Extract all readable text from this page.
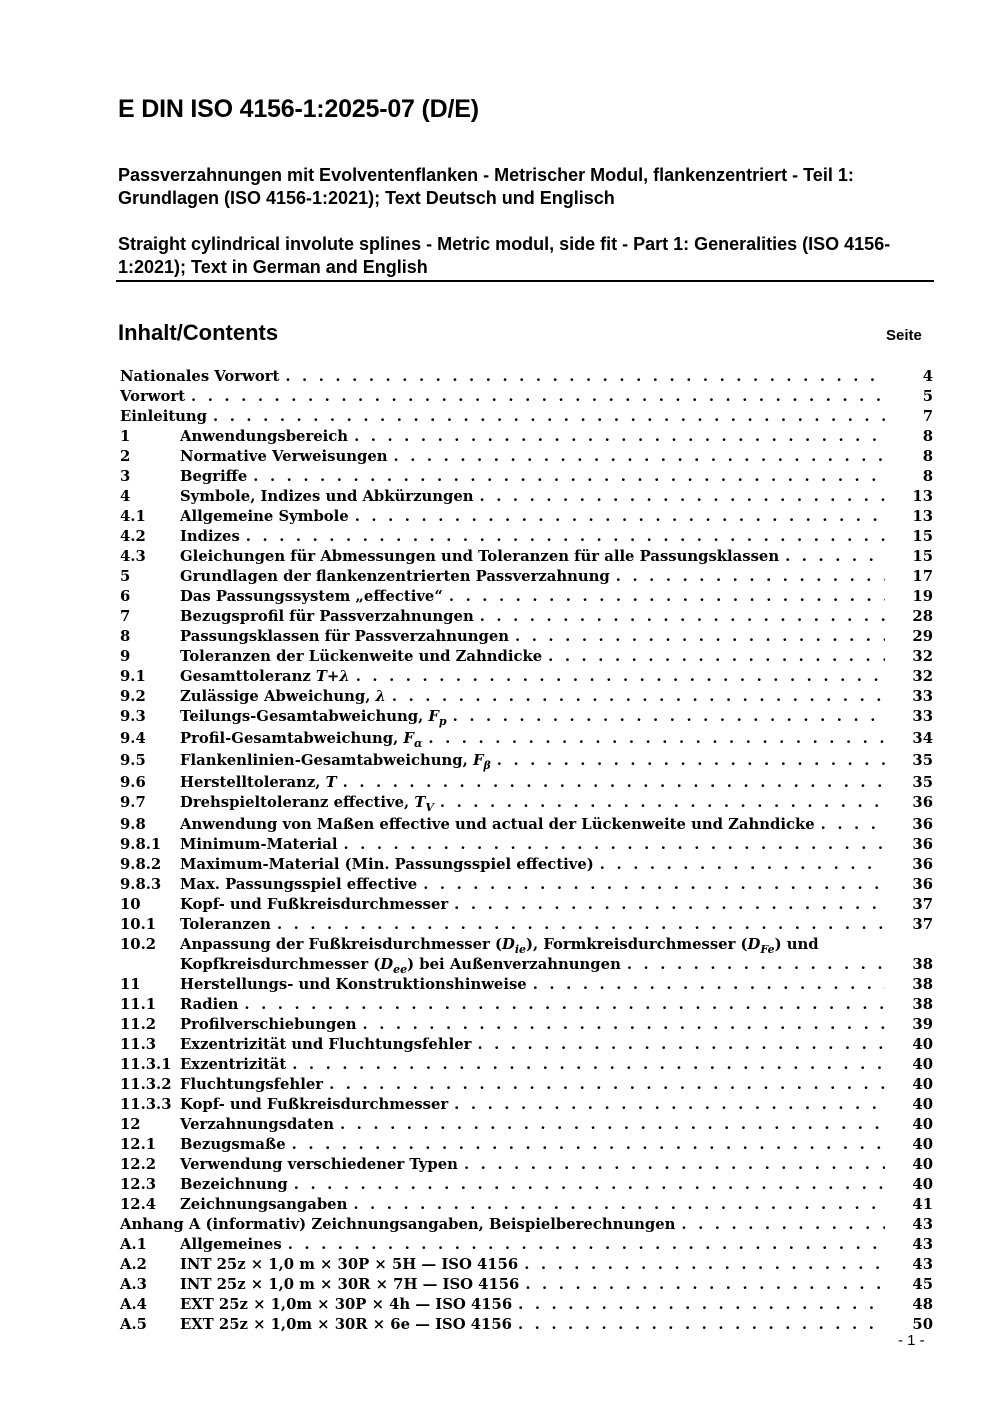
E DIN ISO 4156-1:2025-07 (D/E)

Passverzahnungen mit Evolventenflanken - Metrischer Modul, flankenzentriert - Teil 1: Grundlagen (ISO 4156-1:2021); Text Deutsch und Englisch

Straight cylindrical involute splines - Metric modul, side fit - Part 1: Generalities (ISO 4156-1:2021); Text in German and English

Inhalt/Contents	Seite
Nationales Vorwort . . .	4
Vorwort . . .	5
Einleitung . . .	7
1	Anwendungsbereich . . .	8
2	Normative Verweisungen . . .	8
3	Begriffe . . .	8
4	Symbole, Indizes und Abkürzungen . . .	13
4.1 Allgemeine Symbole . . .	13
4.2 Indizes . . .	15
4.3 Gleichungen für Abmessungen und Toleranzen für alle Passungsklassen . . .	15
5	Grundlagen der flankenzentrierten Passverzahnung . . .	17
6	Das Passungssystem „effective“ . . .	19
7	Bezugsprofil für Passverzahnungen . . .	28
8	Passungsklassen für Passverzahnungen . . .	29
9	Toleranzen der Lückenweite und Zahndicke . . .	32
9.1 Gesamttoleranz T+λ . . .	32
9.2 Zulässige Abweichung, λ . . .	33
9.3 Teilungs-Gesamtabweichung, $F_p$ . . .	33
9.4 Profil-Gesamtabweichung, $F_\alpha$ . . .	34
9.5 Flankenlinien-Gesamtabweichung, $F_\beta$ . . .	35
9.6 Herstelltoleranz, T . . .	35
9.7 Drehspieltoleranz effective, $T_V$ . . .	36
9.8 Anwendung von Maßen effective und actual der Lückenweite und Zahndicke . . .	36
9.8.1 Minimum-Material . . .	36
9.8.2 Maximum-Material (Min. Passungsspiel effective) . . .	36
9.8.3 Max. Passungsspiel effective . . .	36
10	Kopf- und Fußkreisdurchmesser . . .	37
10.1 Toleranzen . . .	37
10.2 Anpassung der Fußkreisdurchmesser $(D_{ie})$, Formkreisdurchmesser $(D_{Fe})$ und
Kopfkreisdurchmesser $(D_{ee})$ bei Außenverzahnungen . . .	38
11	Herstellungs- und Konstruktionshinweise . . .	38
11.1 Radien . . .	38
11.2 Profilverschiebungen . . .	39
11.3 Exzentrizität und Fluchtungsfehler . . .	40
11.3.1 Exzentrizität . . .	40
11.3.2 Fluchtungsfehler . . .	40
11.3.3 Kopf- und Fußkreisdurchmesser . . .	40
12	Verzahnungsdaten . . .	40
12.1 Bezugsmaße . . .	40
12.2 Verwendung verschiedener Typen . . .	40
12.3 Bezeichnung . . .	40
12.4 Zeichnungsangaben . . .	41
Anhang A (informativ) Zeichnungsangaben, Beispielberechnungen . . .	43
A.1 Allgemeines . . .	43
A.2 INT 25z × 1,0 m × 30P × 5H — ISO 4156 . . .	43
A.3 INT 25z × 1,0 m × 30R × 7H — ISO 4156 . . .	45
A.4 EXT 25z × 1,0m × 30P × 4h — ISO 4156 . . .	48
A.5 EXT 25z × 1,0m × 30R × 6e — ISO 4156 . . .	50
- 1 -
